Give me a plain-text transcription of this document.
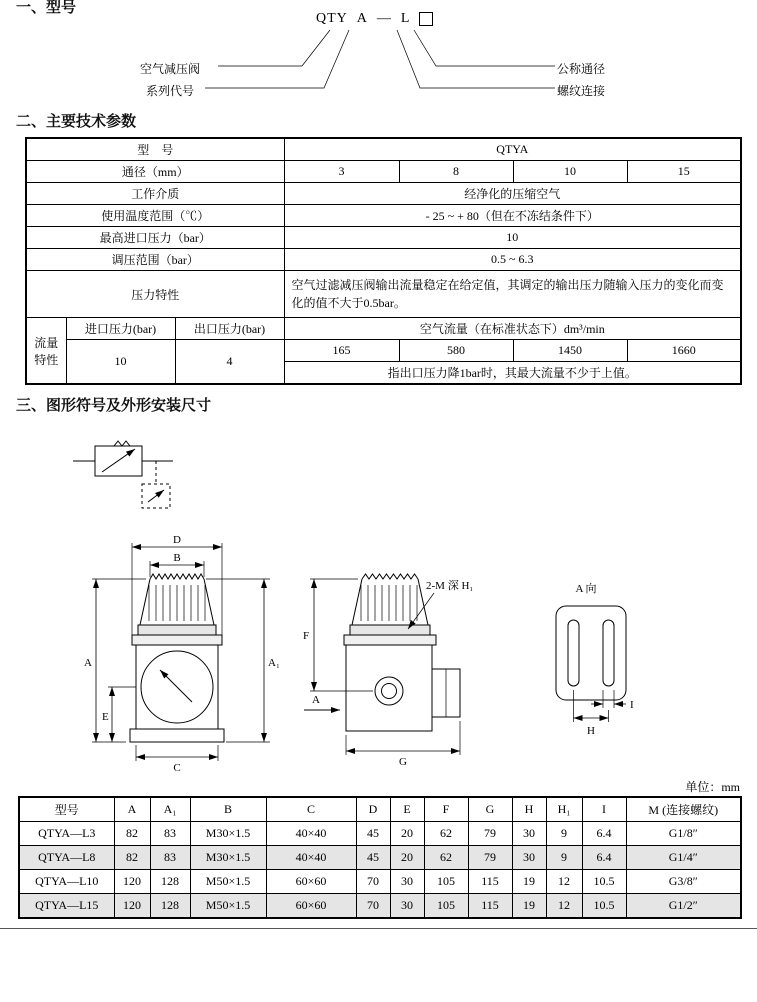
一、型号
QTY A — L
空气减压阀
系列代号
公称通径
螺纹连接
二、主要技术参数
型　号			QTYA			
通径（mm）			3	8	10	15
工作介质			经净化的压缩空气			
使用温度范围（℃）			- 25 ~ + 80（但在不冻结条件下）			
最高进口压力（bar）			10			
调压范围（bar）			0.5 ~ 6.3			
压力特性			空气过滤减压阀输出流量稳定在给定值，其调定的输出压力随输入压力的变化而变化的值不大于0.5bar。			
流量特性	进口压力(bar)	出口压力(bar)	空气流量（在标准状态下）dm³/min			
	10	4	165	580	1450	1660
			指出口压力降1bar时，其最大流量不少于上值。			
三、图形符号及外形安装尺寸
D
B
A
E
A₁
C
2-M 深 H₁
F
A
G
A 向
I
H
单位：mm
型号	A	A₁	B	C	D	E	F	G	H	H₁	I	M (连接螺纹)
QTYA—L3	82	83	M30×1.5	40×40	45	20	62	79	30	9	6.4	G1/8″
QTYA—L8	82	83	M30×1.5	40×40	45	20	62	79	30	9	6.4	G1/4″
QTYA—L10	120	128	M50×1.5	60×60	70	30	105	115	19	12	10.5	G3/8″
QTYA—L15	120	128	M50×1.5	60×60	70	30	105	115	19	12	10.5	G1/2″
